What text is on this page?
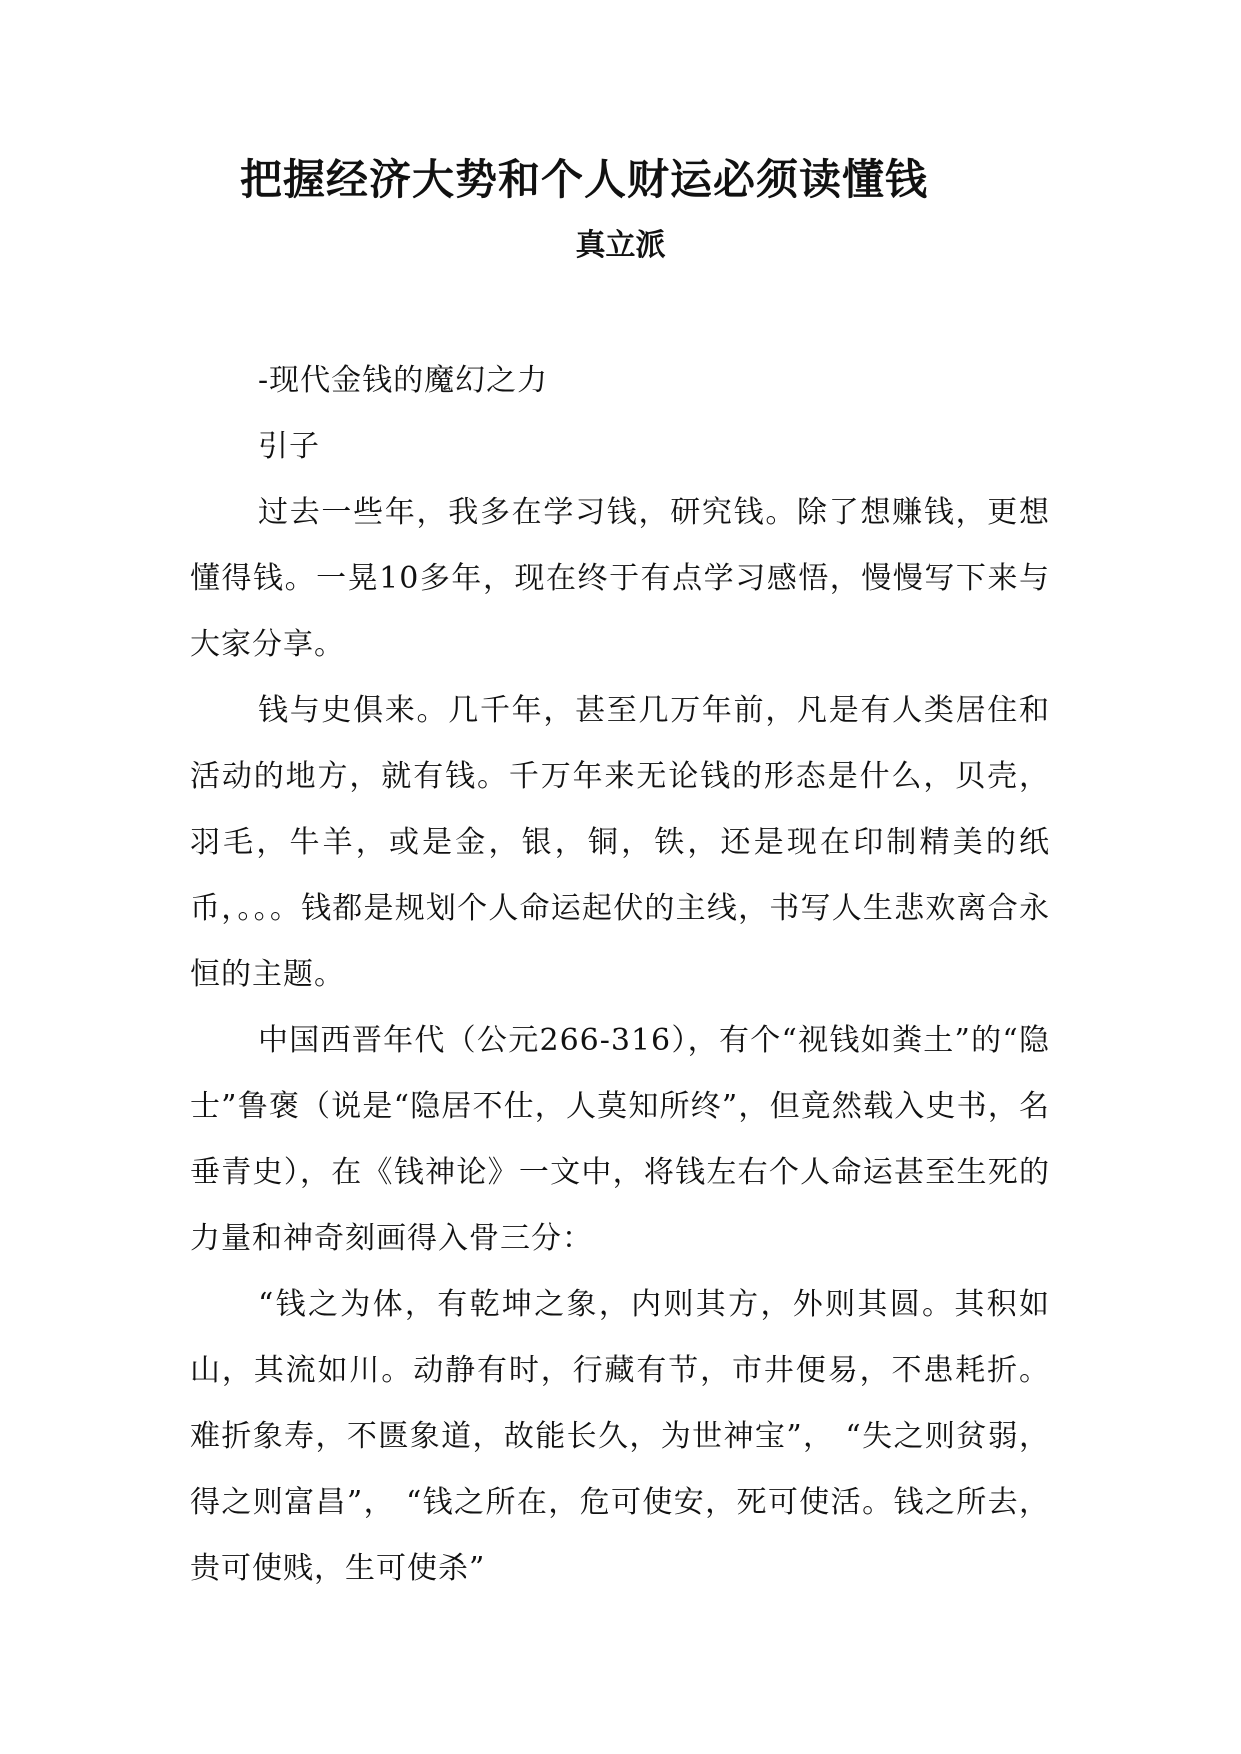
把握经济大势和个人财运必须读懂钱
真立派

-现代金钱的魔幻之力

引子

过去一些年，我多在学习钱，研究钱。除了想赚钱，更想懂得钱。一晃10多年，现在终于有点学习感悟，慢慢写下来与大家分享。

钱与史俱来。几千年，甚至几万年前，凡是有人类居住和活动的地方，就有钱。千万年来无论钱的形态是什么，贝壳，羽毛，牛羊，或是金，银，铜，铁，还是现在印制精美的纸币，。。。钱都是规划个人命运起伏的主线，书写人生悲欢离合永恒的主题。

中国西晋年代（公元266-316），有个“视钱如粪土”的“隐士”鲁褒（说是“隐居不仕，人莫知所终”，但竟然载入史书，名垂青史），在《钱神论》一文中，将钱左右个人命运甚至生死的力量和神奇刻画得入骨三分：

“钱之为体，有乾坤之象，内则其方，外则其圆。其积如山，其流如川。动静有时，行藏有节，市井便易，不患耗折。难折象寿，不匮象道，故能长久，为世神宝”， “失之则贫弱，得之则富昌”， “钱之所在，危可使安，死可使活。钱之所去，贵可使贱，生可使杀”
